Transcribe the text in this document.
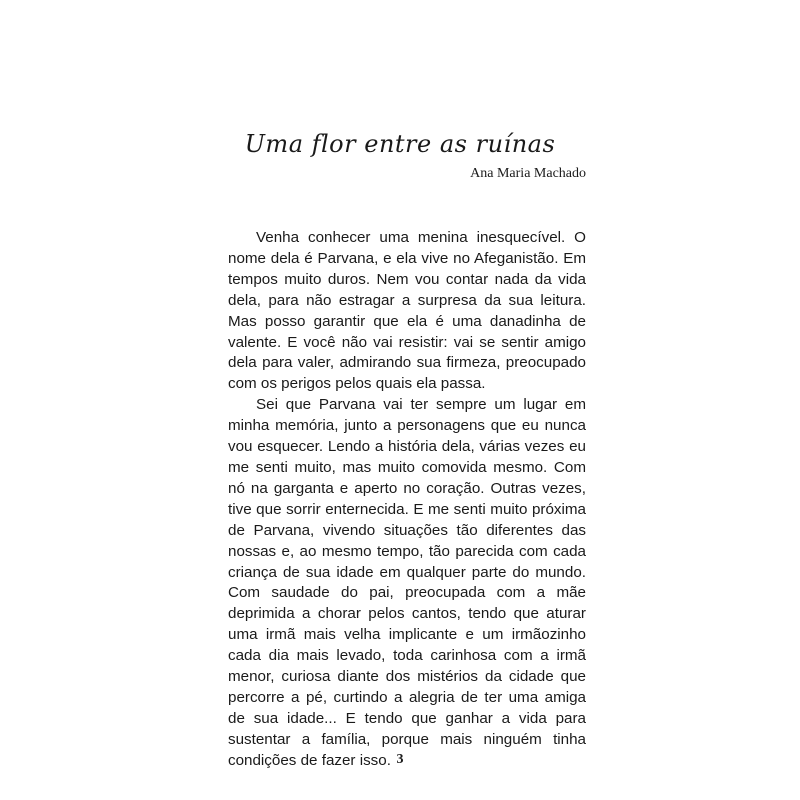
Uma flor entre as ruínas

Ana Maria Machado

Venha conhecer uma menina inesquecível. O nome dela é Parvana, e ela vive no Afeganistão. Em tempos muito duros. Nem vou contar nada da vida dela, para não estragar a surpresa da sua leitura. Mas posso garantir que ela é uma danadinha de valente. E você não vai resistir: vai se sentir amigo dela para valer, admirando sua firmeza, preocupado com os perigos pelos quais ela passa.

Sei que Parvana vai ter sempre um lugar em minha memória, junto a personagens que eu nunca vou esquecer. Lendo a história dela, várias vezes eu me senti muito, mas muito comovida mesmo. Com nó na garganta e aperto no coração. Outras vezes, tive que sorrir enternecida. E me senti muito próxima de Parvana, vivendo situações tão diferentes das nossas e, ao mesmo tempo, tão parecida com cada criança de sua idade em qualquer parte do mundo. Com saudade do pai, preocupada com a mãe deprimida a chorar pelos cantos, tendo que aturar uma irmã mais velha implicante e um irmãozinho cada dia mais levado, toda carinhosa com a irmã menor, curiosa diante dos mistérios da cidade que percorre a pé, curtindo a alegria de ter uma amiga de sua idade... E tendo que ganhar a vida para sustentar a família, porque mais ninguém tinha condições de fazer isso. 3
